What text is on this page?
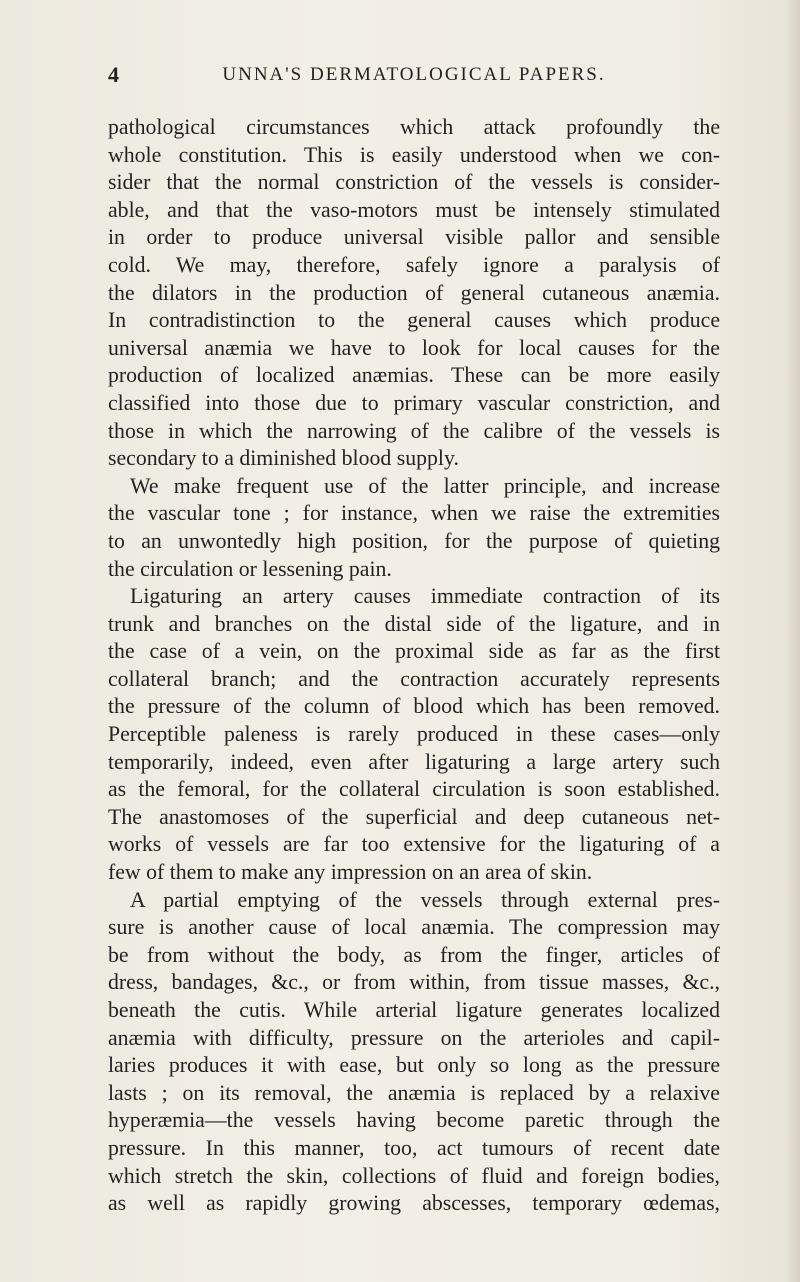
4	UNNA'S DERMATOLOGICAL PAPERS.
pathological circumstances which attack profoundly the
whole constitution. This is easily understood when we con-
sider that the normal constriction of the vessels is consider-
able, and that the vaso-motors must be intensely stimulated
in order to produce universal visible pallor and sensible
cold. We may, therefore, safely ignore a paralysis of
the dilators in the production of general cutaneous anæmia.
In contradistinction to the general causes which produce
universal anæmia we have to look for local causes for the
production of localized anæmias. These can be more easily
classified into those due to primary vascular constriction, and
those in which the narrowing of the calibre of the vessels is
secondary to a diminished blood supply.
We make frequent use of the latter principle, and increase
the vascular tone ; for instance, when we raise the extremities
to an unwontedly high position, for the purpose of quieting
the circulation or lessening pain.
Ligaturing an artery causes immediate contraction of its
trunk and branches on the distal side of the ligature, and in
the case of a vein, on the proximal side as far as the first
collateral branch; and the contraction accurately represents
the pressure of the column of blood which has been removed.
Perceptible paleness is rarely produced in these cases—only
temporarily, indeed, even after ligaturing a large artery such
as the femoral, for the collateral circulation is soon established.
The anastomoses of the superficial and deep cutaneous net-
works of vessels are far too extensive for the ligaturing of a
few of them to make any impression on an area of skin.
A partial emptying of the vessels through external pres-
sure is another cause of local anæmia. The compression may
be from without the body, as from the finger, articles of
dress, bandages, &c., or from within, from tissue masses, &c.,
beneath the cutis. While arterial ligature generates localized
anæmia with difficulty, pressure on the arterioles and capil-
laries produces it with ease, but only so long as the pressure
lasts ; on its removal, the anæmia is replaced by a relaxive
hyperæmia—the vessels having become paretic through the
pressure. In this manner, too, act tumours of recent date
which stretch the skin, collections of fluid and foreign bodies,
as well as rapidly growing abscesses, temporary œdemas,
